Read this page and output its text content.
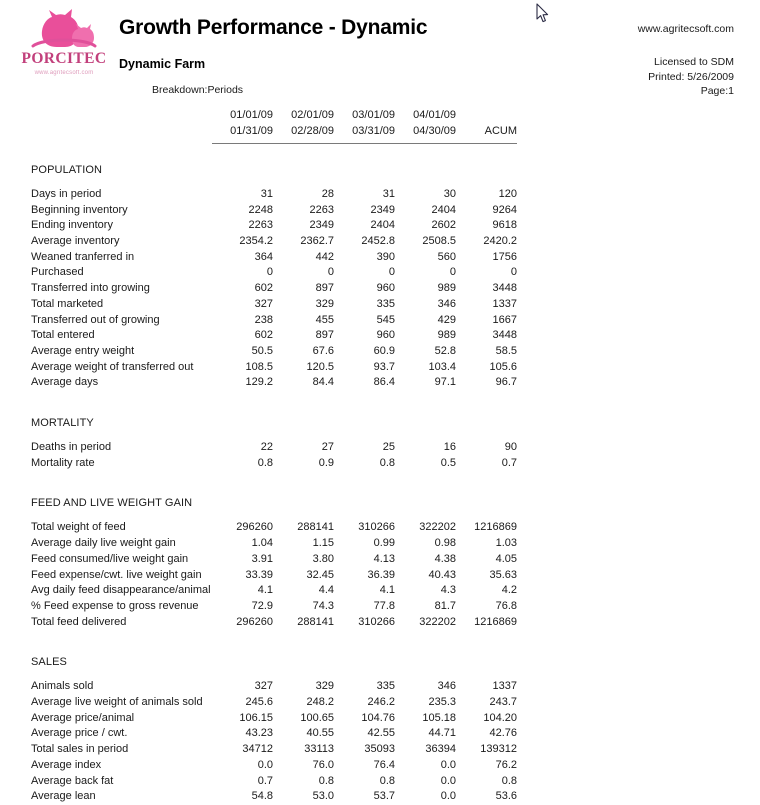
PORCITEC
www.agritecsoft.com
Growth Performance - Dynamic
Dynamic Farm
Breakdown:Periods
www.agritecsoft.com
Licensed to SDM
Printed: 5/26/2009
Page:1
	01/01/09	02/01/09	03/01/09	04/01/09	
	01/31/09	02/28/09	03/31/09	04/30/09	ACUM

POPULATION					
Days in period	31	28	31	30	120
Beginning inventory	2248	2263	2349	2404	9264
Ending inventory	2263	2349	2404	2602	9618
Average inventory	2354.2	2362.7	2452.8	2508.5	2420.2
Weaned tranferred in	364	442	390	560	1756
Purchased	0	0	0	0	0
Transferred into growing	602	897	960	989	3448
Total marketed	327	329	335	346	1337
Transferred out of growing	238	455	545	429	1667
Total entered	602	897	960	989	3448
Average entry weight	50.5	67.6	60.9	52.8	58.5
Average weight of transferred out	108.5	120.5	93.7	103.4	105.6
Average days	129.2	84.4	86.4	97.1	96.7

MORTALITY					
Deaths in period	22	27	25	16	90
Mortality rate	0.8	0.9	0.8	0.5	0.7

FEED AND LIVE WEIGHT GAIN					
Total weight of feed	296260	288141	310266	322202	1216869
Average daily live weight gain	1.04	1.15	0.99	0.98	1.03
Feed consumed/live weight gain	3.91	3.80	4.13	4.38	4.05
Feed expense/cwt. live weight gain	33.39	32.45	36.39	40.43	35.63
Avg daily feed disappearance/animal	4.1	4.4	4.1	4.3	4.2
% Feed expense to gross revenue	72.9	74.3	77.8	81.7	76.8
Total feed delivered	296260	288141	310266	322202	1216869

SALES					
Animals sold	327	329	335	346	1337
Average live weight of animals sold	245.6	248.2	246.2	235.3	243.7
Average price/animal	106.15	100.65	104.76	105.18	104.20
Average price / cwt.	43.23	40.55	42.55	44.71	42.76
Total sales in period	34712	33113	35093	36394	139312
Average index	0.0	76.0	76.4	0.0	76.2
Average back fat	0.7	0.8	0.8	0.0	0.8
Average lean	54.8	53.0	53.7	0.0	53.6
